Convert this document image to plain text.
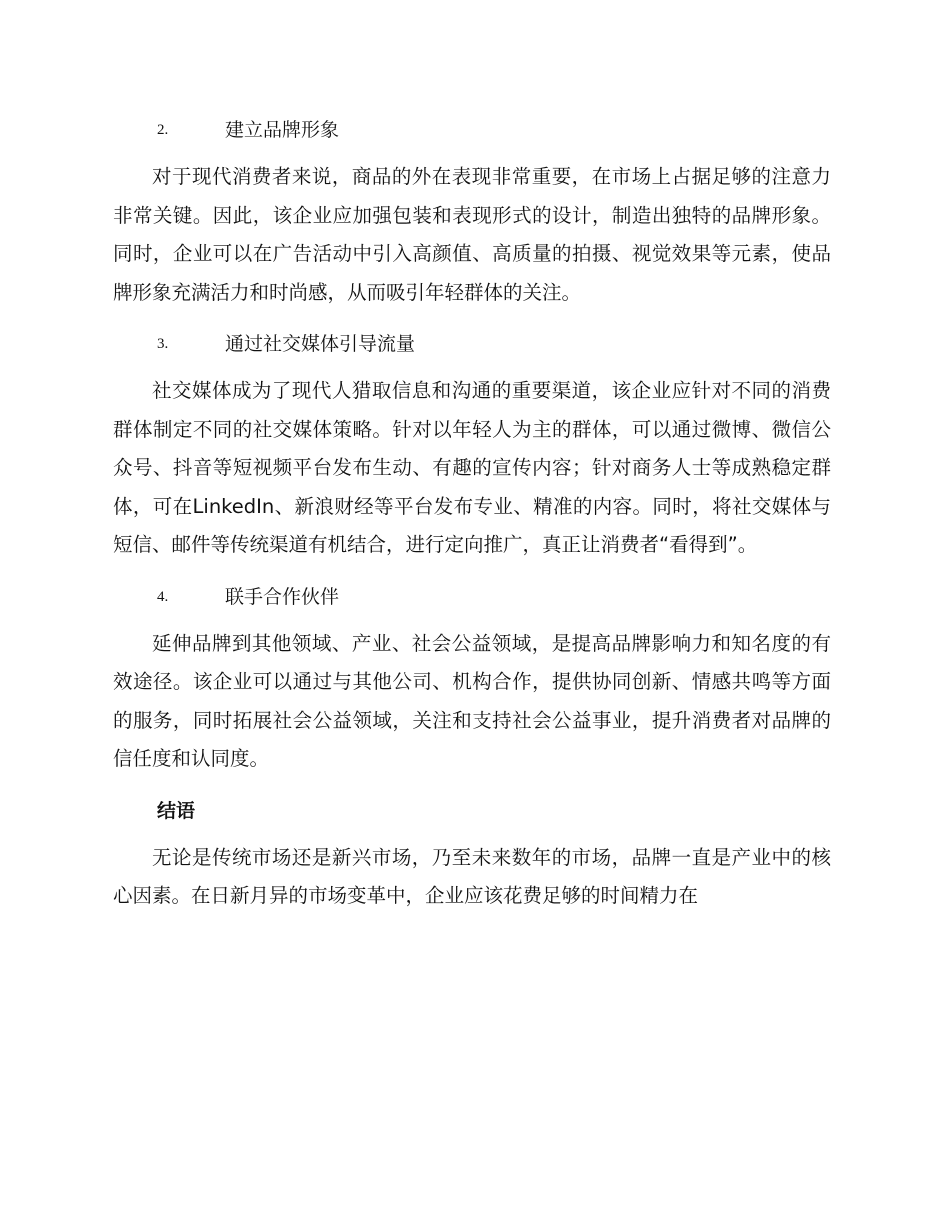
2.	建立品牌形象

对于现代消费者来说，商品的外在表现非常重要，在市场上占据足够的注意力非常关键。因此，该企业应加强包装和表现形式的设计，制造出独特的品牌形象。同时，企业可以在广告活动中引入高颜值、高质量的拍摄、视觉效果等元素，使品牌形象充满活力和时尚感，从而吸引年轻群体的关注。

3.	通过社交媒体引导流量

社交媒体成为了现代人猎取信息和沟通的重要渠道，该企业应针对不同的消费群体制定不同的社交媒体策略。针对以年轻人为主的群体，可以通过微博、微信公众号、抖音等短视频平台发布生动、有趣的宣传内容；针对商务人士等成熟稳定群体，可在LinkedIn、新浪财经等平台发布专业、精准的内容。同时，将社交媒体与短信、邮件等传统渠道有机结合，进行定向推广，真正让消费者“看得到”。

4.	联手合作伙伴

延伸品牌到其他领域、产业、社会公益领域，是提高品牌影响力和知名度的有效途径。该企业可以通过与其他公司、机构合作，提供协同创新、情感共鸣等方面的服务，同时拓展社会公益领域，关注和支持社会公益事业，提升消费者对品牌的信任度和认同度。

结语

无论是传统市场还是新兴市场，乃至未来数年的市场，品牌一直是产业中的核心因素。在日新月异的市场变革中，企业应该花费足够的时间精力在
